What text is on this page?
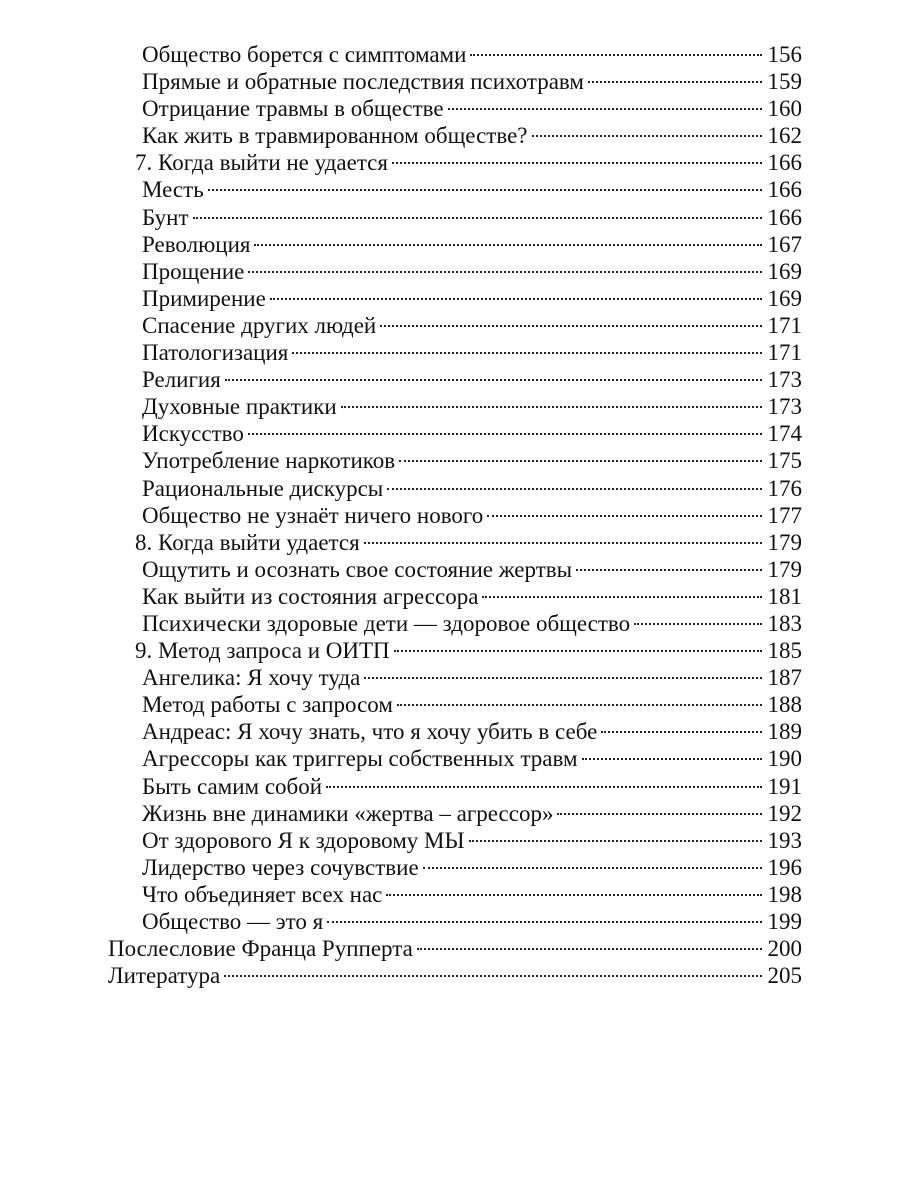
Общество борется с симптомами	156
Прямые и обратные последствия психотравм	159
Отрицание травмы в обществе	160
Как жить в травмированном обществе?	162
7. Когда выйти не удается	166
Месть	166
Бунт	166
Революция	167
Прощение	169
Примирение	169
Спасение других людей	171
Патологизация	171
Религия	173
Духовные практики	173
Искусство	174
Употребление наркотиков	175
Рациональные дискурсы	176
Общество не узнаёт ничего нового	177
8. Когда выйти удается	179
Ощутить и осознать свое состояние жертвы	179
Как выйти из состояния агрессора	181
Психически здоровые дети — здоровое общество	183
9. Метод запроса и ОИТП	185
Ангелика: Я хочу туда	187
Метод работы с запросом	188
Андреас: Я хочу знать, что я хочу убить в себе	189
Агрессоры как триггеры собственных травм	190
Быть самим собой	191
Жизнь вне динамики «жертва – агрессор»	192
От здорового Я к здоровому МЫ	193
Лидерство через сочувствие	196
Что объединяет всех нас	198
Общество — это я	199
Послесловие Франца Рупперта	200
Литература	205
